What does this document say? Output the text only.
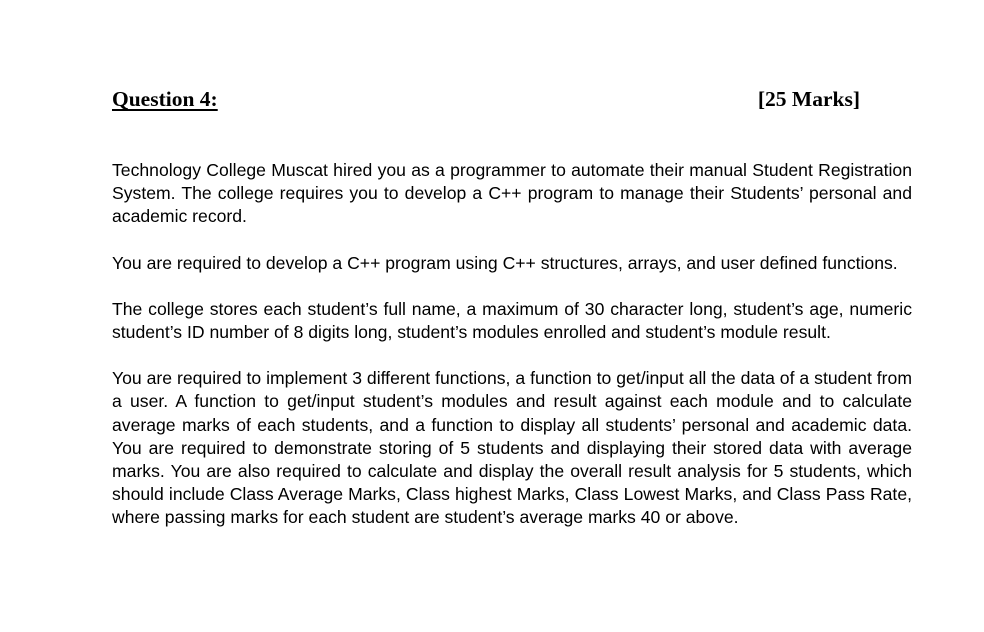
Question 4:	[25 Marks]

Technology College Muscat hired you as a programmer to automate their manual Student Registration System. The college requires you to develop a C++ program to manage their Students’ personal and academic record.

You are required to develop a C++ program using C++ structures, arrays, and user defined functions.

The college stores each student’s full name, a maximum of 30 character long, student’s age, numeric student’s ID number of 8 digits long, student’s modules enrolled and student’s module result.

You are required to implement 3 different functions, a function to get/input all the data of a student from a user. A function to get/input student’s modules and result against each module and to calculate average marks of each students, and a function to display all students’ personal and academic data. You are required to demonstrate storing of 5 students and displaying their stored data with average marks. You are also required to calculate and display the overall result analysis for 5 students, which should include Class Average Marks, Class highest Marks, Class Lowest Marks, and Class Pass Rate, where passing marks for each student are student’s average marks 40 or above.
